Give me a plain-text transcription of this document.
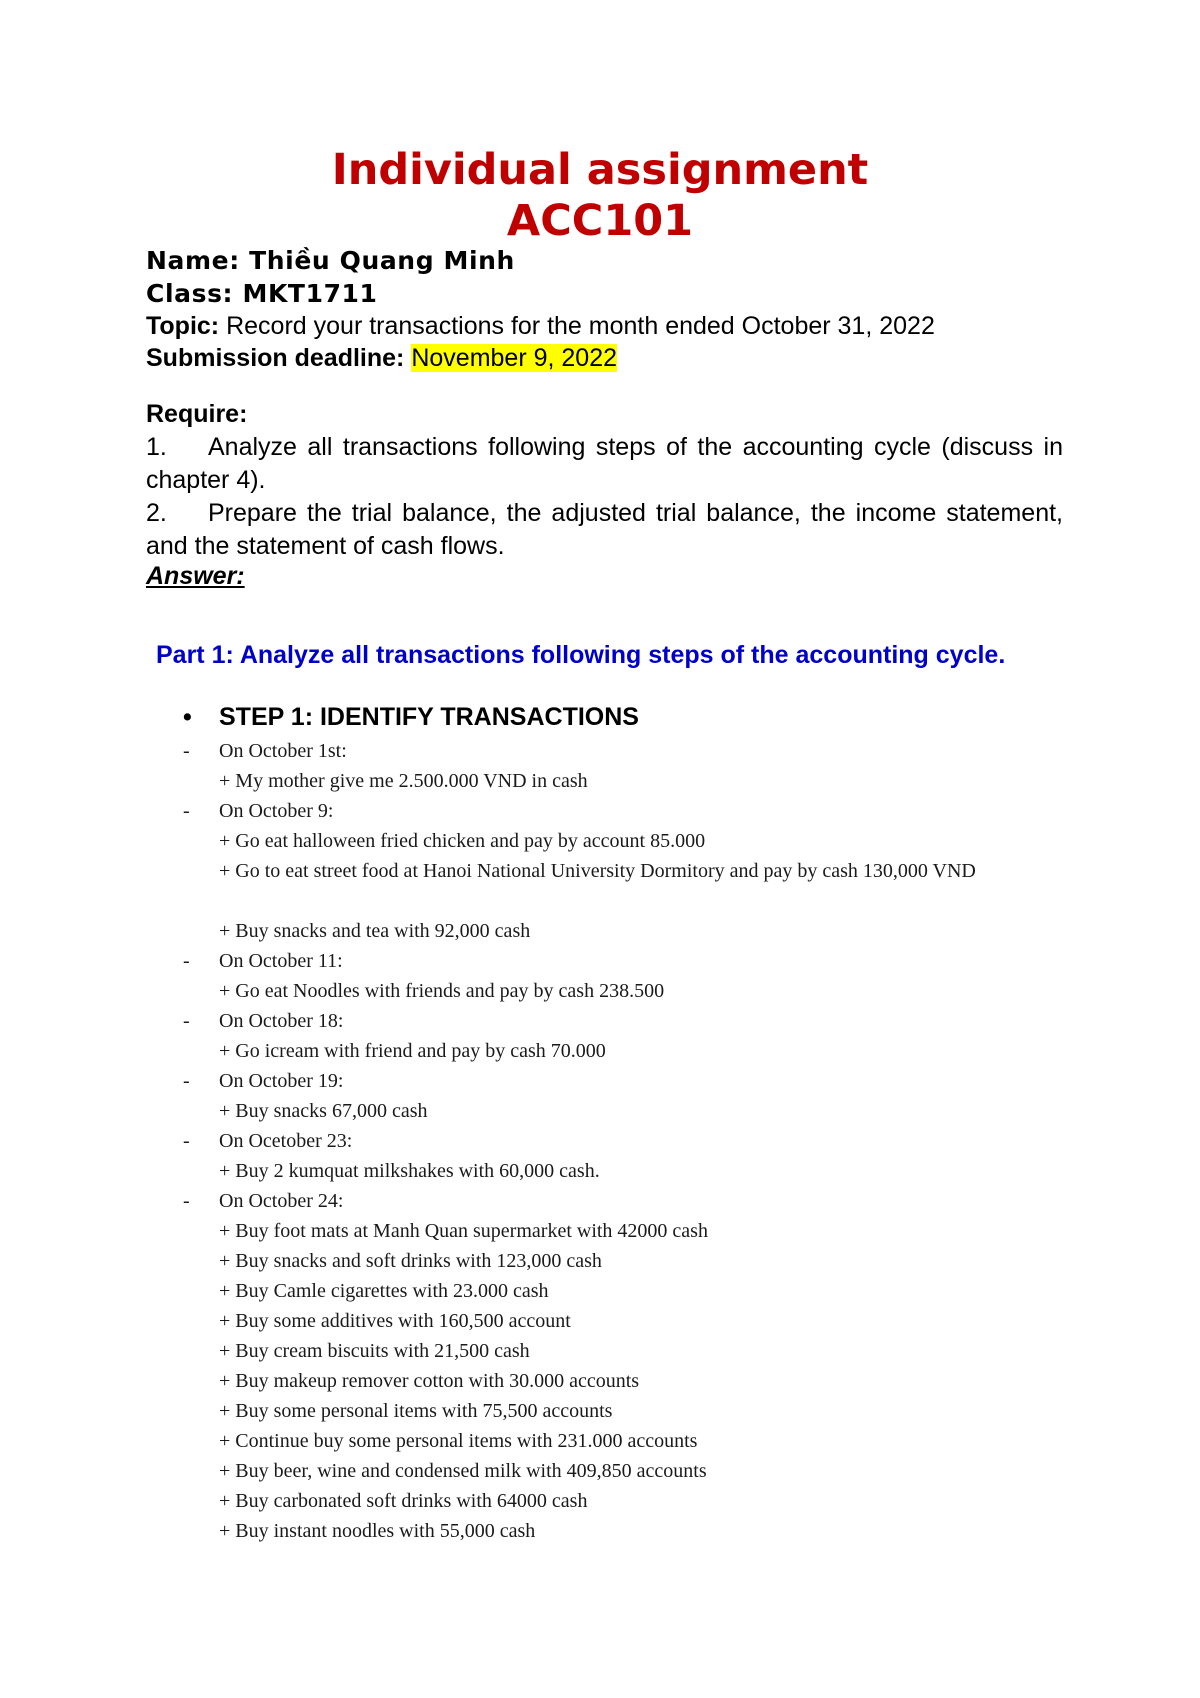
Individual assignment
ACC101
Name: Thiều Quang Minh
Class: MKT1711
Topic: Record your transactions for the month ended October 31, 2022
Submission deadline: November 9, 2022
Require:
1. Analyze all transactions following steps of the accounting cycle (discuss in chapter 4).
2. Prepare the trial balance, the adjusted trial balance, the income statement, and the statement of cash flows.
Answer:
Part 1: Analyze all transactions following steps of the accounting cycle.
• STEP 1: IDENTIFY TRANSACTIONS
- On October 1st:
+ My mother give me 2.500.000 VND in cash
- On October 9:
+ Go eat halloween fried chicken and pay by account 85.000
+ Go to eat street food at Hanoi National University Dormitory and pay by cash 130,000 VND
+ Buy snacks and tea with 92,000 cash
- On October 11:
+ Go eat Noodles with friends and pay by cash 238.500
- On October 18:
+ Go icream with friend and pay by cash 70.000
- On October 19:
+ Buy snacks 67,000 cash
- On Ocetober 23:
+ Buy 2 kumquat milkshakes with 60,000 cash.
- On October 24:
+ Buy foot mats at Manh Quan supermarket with 42000 cash
+ Buy snacks and soft drinks with 123,000 cash
+ Buy Camle cigarettes with 23.000 cash
+ Buy some additives with 160,500 account
+ Buy cream biscuits with 21,500 cash
+ Buy makeup remover cotton with 30.000 accounts
+ Buy some personal items with 75,500 accounts
+ Continue buy some personal items with 231.000 accounts
+ Buy beer, wine and condensed milk with 409,850 accounts
+ Buy carbonated soft drinks with 64000 cash
+ Buy instant noodles with 55,000 cash
